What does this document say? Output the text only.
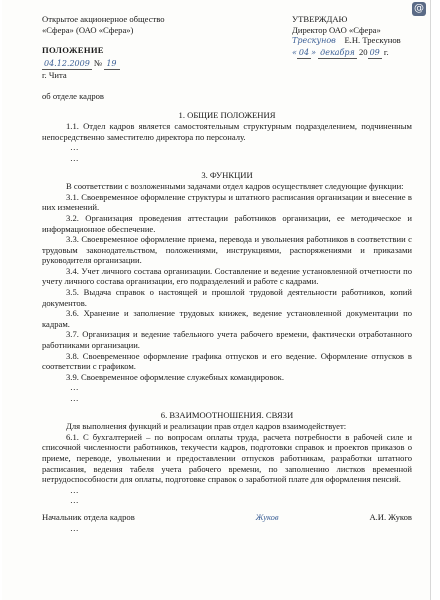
@
Открытое акционерное общество
«Сфера» (ОАО «Сфера»)
ПОЛОЖЕНИЕ
04.12.2009 № 19
г. Чита
об отделе кадров
УТВЕРЖДАЮ
Директор ОАО «Сфера»
Трескунов Е.Н. Трескунов
« 04 » декабря 20 09 г.
1. ОБЩИЕ ПОЛОЖЕНИЯ
1.1. Отдел кадров является самостоятельным структурным подразделением, подчиненным непосредственно заместителю директора по персоналу.
…
…
3. ФУНКЦИИ
В соответствии с возложенными задачами отдел кадров осуществляет следующие функции:
3.1. Своевременное оформление структуры и штатного расписания организации и внесение в них изменений.
3.2. Организация проведения аттестации работников организации, ее методическое и информационное обеспечение.
3.3. Своевременное оформление приема, перевода и увольнения работников в соответствии с трудовым законодательством, положениями, инструкциями, распоряжениями и приказами руководителя организации.
3.4. Учет личного состава организации. Составление и ведение установленной отчетности по учету личного состава организации, его подразделений и работе с кадрами.
3.5. Выдача справок о настоящей и прошлой трудовой деятельности работников, копий документов.
3.6. Хранение и заполнение трудовых книжек, ведение установленной документации по кадрам.
3.7. Организация и ведение табельного учета рабочего времени, фактически отработанного работниками организации.
3.8. Своевременное оформление графика отпусков и его ведение. Оформление отпусков в соответствии с графиком.
3.9. Своевременное оформление служебных командировок.
…
…
6. ВЗАИМООТНОШЕНИЯ. СВЯЗИ
Для выполнения функций и реализации прав отдел кадров взаимодействует:
6.1. С бухгалтерией – по вопросам оплаты труда, расчета потребности в рабочей силе и списочной численности работников, текучести кадров, подготовки справок и проектов приказов о приеме, переводе, увольнении и предоставлении отпусков работникам, разработки штатного расписания, ведения табеля учета рабочего времени, по заполнению листков временной нетрудоспособности для оплаты, подготовке справок о заработной плате для оформления пенсий.
…
…
Начальник отдела кадров	Жуков	А.И. Жуков
…
